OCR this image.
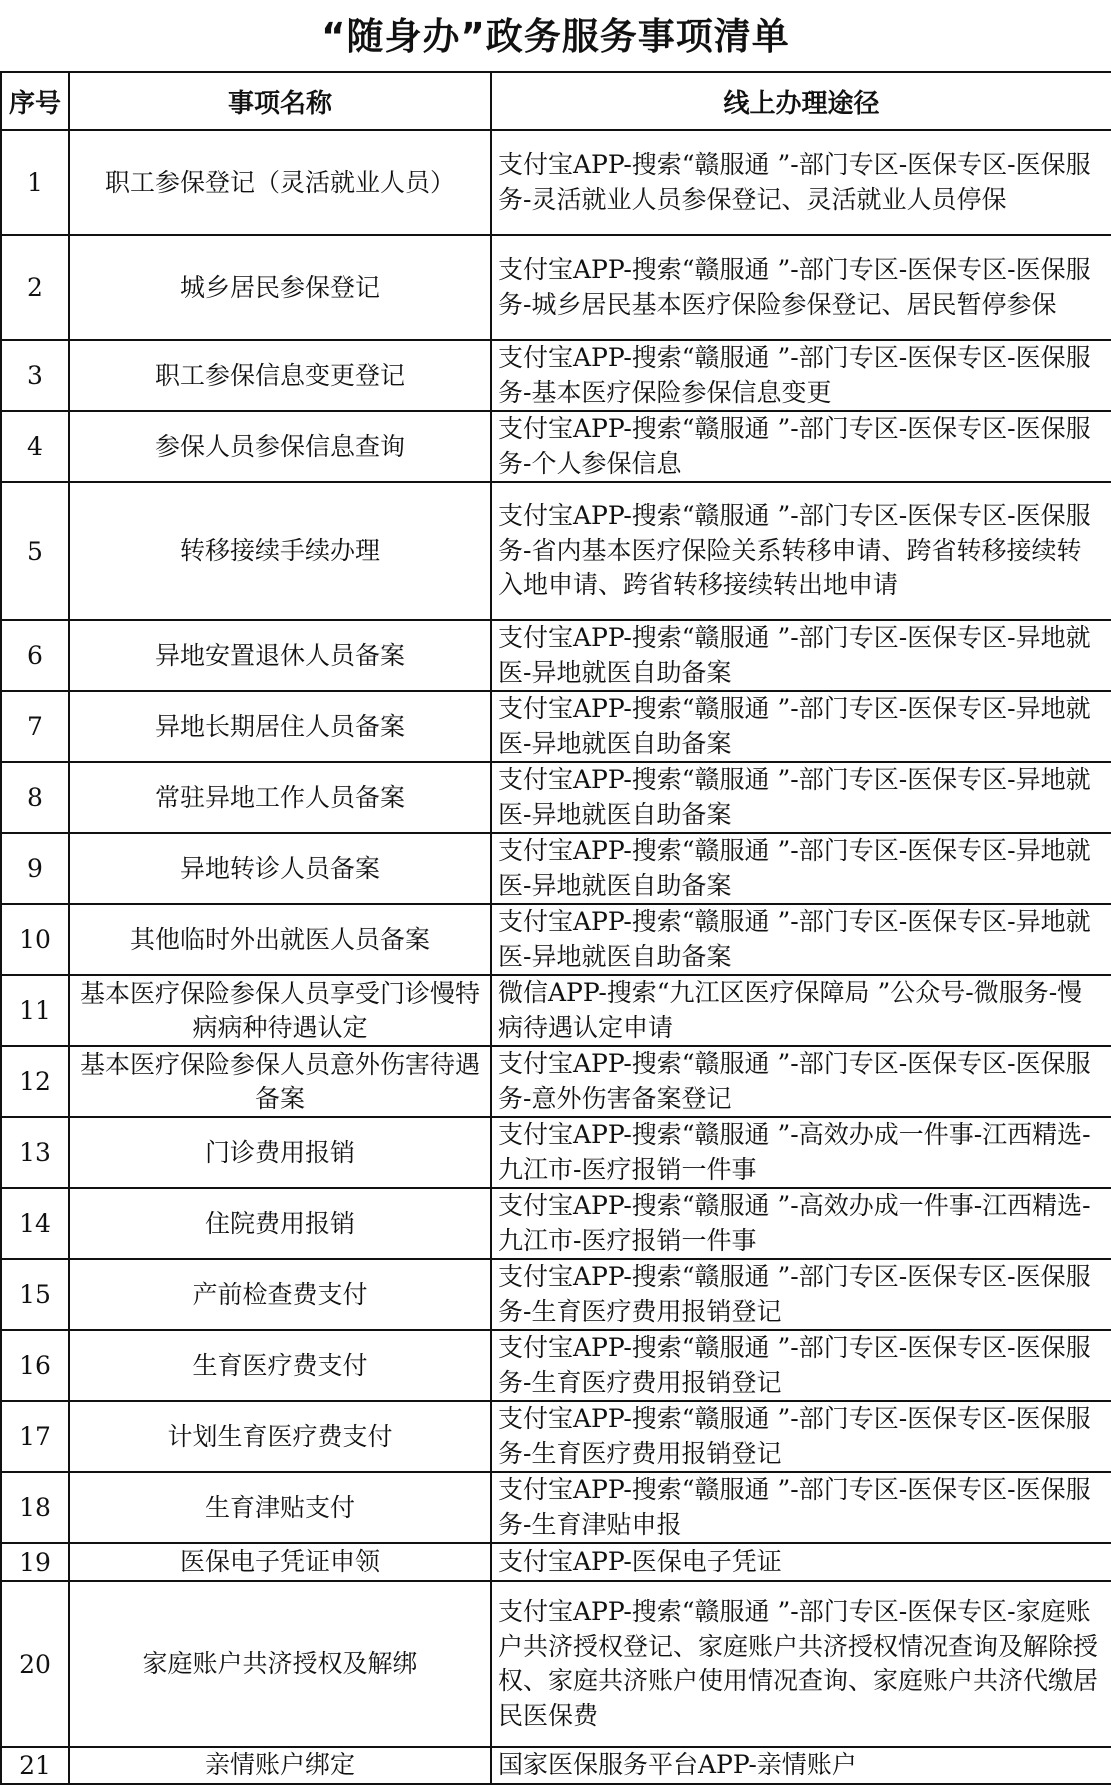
“随身办”政务服务事项清单
序号	事项名称	线上办理途径
1	职工参保登记（灵活就业人员）	支付宝APP-搜索“赣服通 ”-部门专区-医保专区-医保服务-灵活就业人员参保登记、灵活就业人员停保
2	城乡居民参保登记	支付宝APP-搜索“赣服通 ”-部门专区-医保专区-医保服务-城乡居民基本医疗保险参保登记、居民暂停参保
3	职工参保信息变更登记	支付宝APP-搜索“赣服通 ”-部门专区-医保专区-医保服务-基本医疗保险参保信息变更
4	参保人员参保信息查询	支付宝APP-搜索“赣服通 ”-部门专区-医保专区-医保服务-个人参保信息
5	转移接续手续办理	支付宝APP-搜索“赣服通 ”-部门专区-医保专区-医保服务-省内基本医疗保险关系转移申请、跨省转移接续转入地申请、跨省转移接续转出地申请
6	异地安置退休人员备案	支付宝APP-搜索“赣服通 ”-部门专区-医保专区-异地就医-异地就医自助备案
7	异地长期居住人员备案	支付宝APP-搜索“赣服通 ”-部门专区-医保专区-异地就医-异地就医自助备案
8	常驻异地工作人员备案	支付宝APP-搜索“赣服通 ”-部门专区-医保专区-异地就医-异地就医自助备案
9	异地转诊人员备案	支付宝APP-搜索“赣服通 ”-部门专区-医保专区-异地就医-异地就医自助备案
10	其他临时外出就医人员备案	支付宝APP-搜索“赣服通 ”-部门专区-医保专区-异地就医-异地就医自助备案
11	基本医疗保险参保人员享受门诊慢特病病种待遇认定	微信APP-搜索“九江区医疗保障局 ”公众号-微服务-慢病待遇认定申请
12	基本医疗保险参保人员意外伤害待遇备案	支付宝APP-搜索“赣服通 ”-部门专区-医保专区-医保服务-意外伤害备案登记
13	门诊费用报销	支付宝APP-搜索“赣服通 ”-高效办成一件事-江西精选-九江市-医疗报销一件事
14	住院费用报销	支付宝APP-搜索“赣服通 ”-高效办成一件事-江西精选-九江市-医疗报销一件事
15	产前检查费支付	支付宝APP-搜索“赣服通 ”-部门专区-医保专区-医保服务-生育医疗费用报销登记
16	生育医疗费支付	支付宝APP-搜索“赣服通 ”-部门专区-医保专区-医保服务-生育医疗费用报销登记
17	计划生育医疗费支付	支付宝APP-搜索“赣服通 ”-部门专区-医保专区-医保服务-生育医疗费用报销登记
18	生育津贴支付	支付宝APP-搜索“赣服通 ”-部门专区-医保专区-医保服务-生育津贴申报
19	医保电子凭证申领	支付宝APP-医保电子凭证
20	家庭账户共济授权及解绑	支付宝APP-搜索“赣服通 ”-部门专区-医保专区-家庭账户共济授权登记、家庭账户共济授权情况查询及解除授权、家庭共济账户使用情况查询、家庭账户共济代缴居民医保费
21	亲情账户绑定	国家医保服务平台APP-亲情账户
